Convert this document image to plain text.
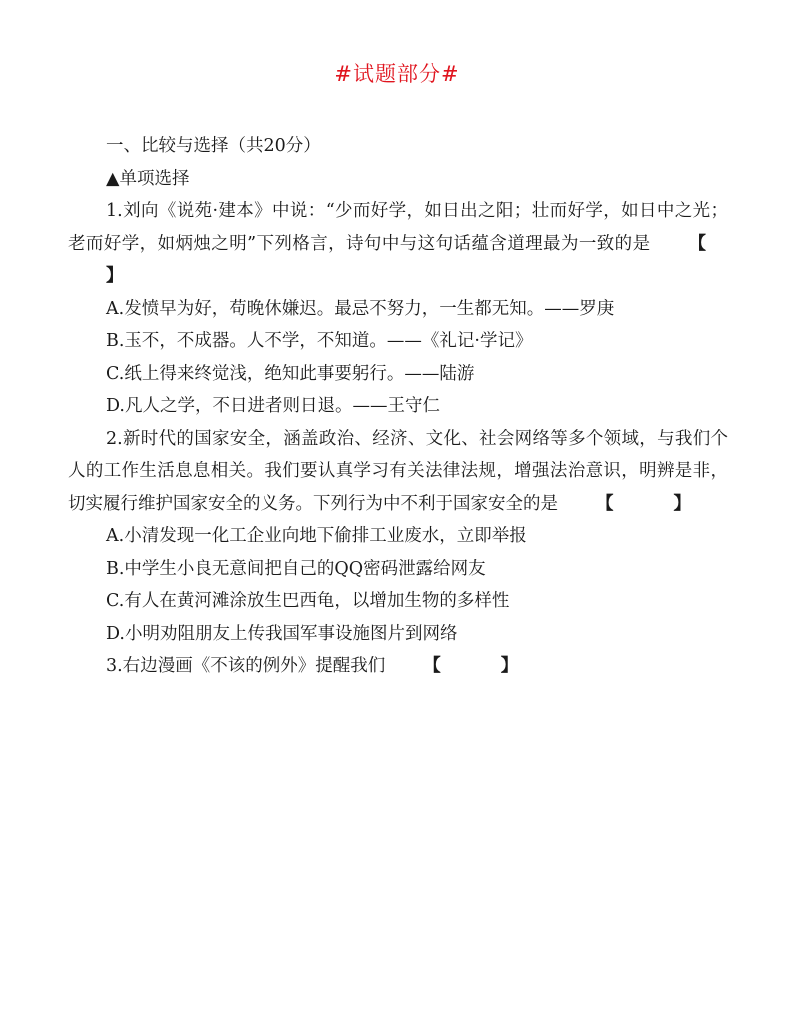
#试题部分#
一、比较与选择（共20分）
▲单项选择
1.刘向《说苑·建本》中说：“少而好学，如日出之阳；壮而好学，如日中之光；老而好学，如炳烛之明”下列格言，诗句中与这句话蕴含道理最为一致的是 【】
A.发愤早为好，苟晚休嫌迟。最忌不努力，一生都无知。——罗庚
B.玉不，不成器。人不学，不知道。——《礼记·学记》
C.纸上得来终觉浅，绝知此事要躬行。——陆游
D.凡人之学，不日进者则日退。——王守仁
2.新时代的国家安全，涵盖政治、经济、文化、社会网络等多个领域，与我们个人的工作生活息息相关。我们要认真学习有关法律法规，增强法治意识，明辨是非，切实履行维护国家安全的义务。下列行为中不利于国家安全的是 【	】
A.小清发现一化工企业向地下偷排工业废水，立即举报
B.中学生小良无意间把自己的QQ密码泄露给网友
C.有人在黄河滩涂放生巴西龟，以增加生物的多样性
D.小明劝阻朋友上传我国军事设施图片到网络
3.右边漫画《不该的例外》提醒我们 【	】
